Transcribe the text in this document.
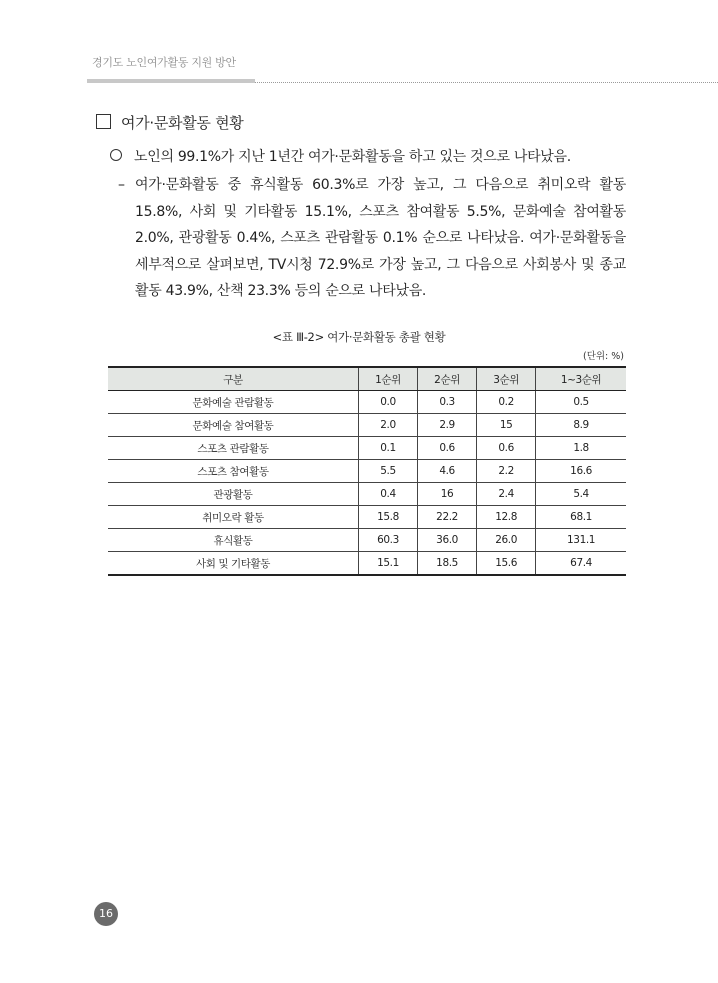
경기도 노인여가활동 지원 방안
여가·문화활동 현황
노인의 99.1%가 지난 1년간 여가·문화활동을 하고 있는 것으로 나타났음.
– 여가·문화활동 중 휴식활동 60.3%로 가장 높고, 그 다음으로 취미오락 활동
15.8%, 사회 및 기타활동 15.1%, 스포츠 참여활동 5.5%, 문화예술 참여활동
2.0%, 관광활동 0.4%, 스포츠 관람활동 0.1% 순으로 나타났음. 여가·문화활동을
세부적으로 살펴보면, TV시청 72.9%로 가장 높고, 그 다음으로 사회봉사 및 종교
활동 43.9%, 산책 23.3% 등의 순으로 나타났음.
<표 Ⅲ-2> 여가·문화활동 총괄 현황
(단위: %)
구분	1순위	2순위	3순위	1~3순위
문화예술 관람활동	0.0	0.3	0.2	0.5
문화예술 참여활동	2.0	2.9	15	8.9
스포츠 관람활동	0.1	0.6	0.6	1.8
스포츠 참여활동	5.5	4.6	2.2	16.6
관광활동	0.4	16	2.4	5.4
취미오락 활동	15.8	22.2	12.8	68.1
휴식활동	60.3	36.0	26.0	131.1
사회 및 기타활동	15.1	18.5	15.6	67.4
16
